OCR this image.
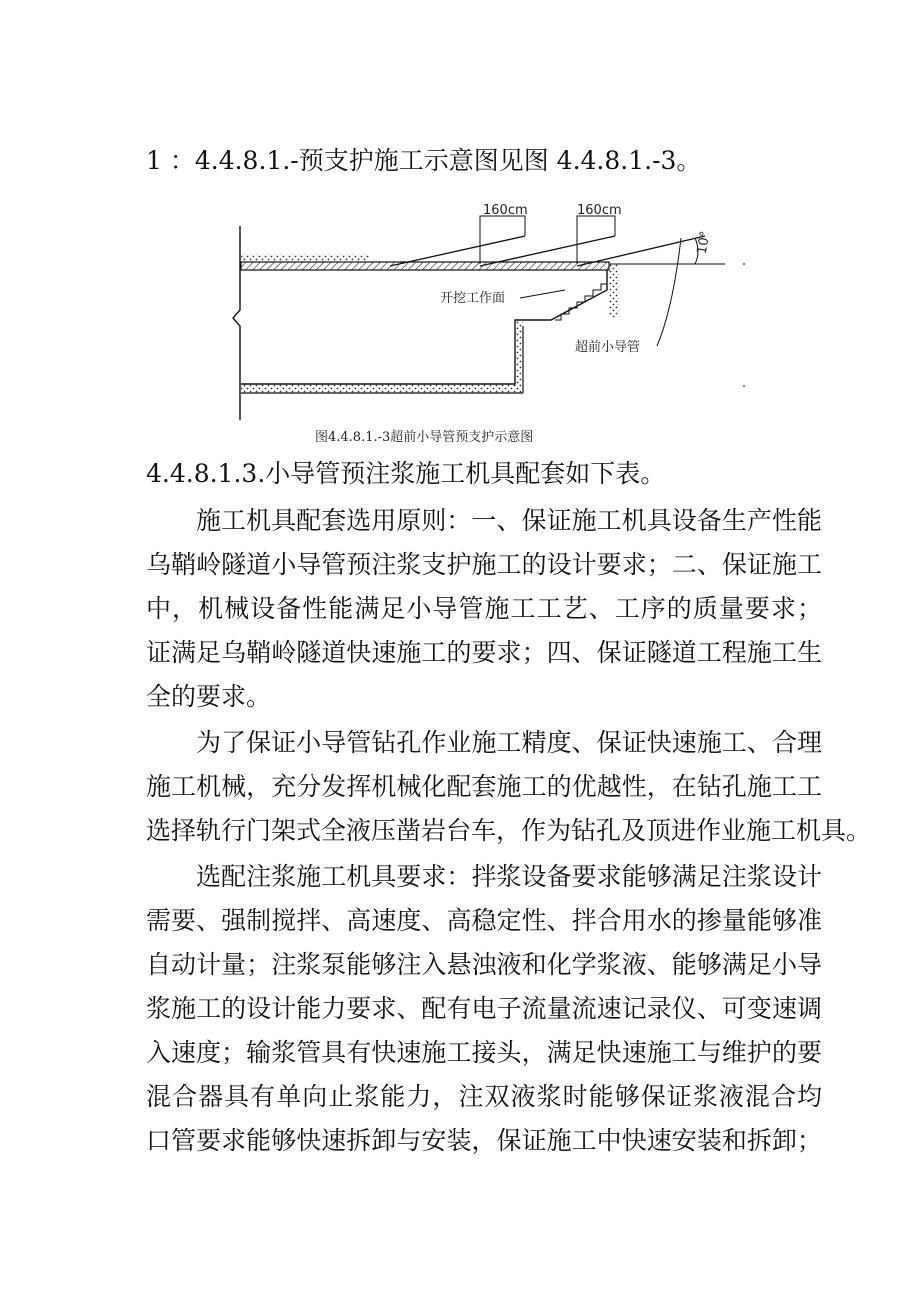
1 ：4.4.8.1.-预支护施工示意图见图 4.4.8.1.-3。
160cm	160cm
10°
开挖工作面
超前小导管
图4.4.8.1.-3超前小导管预支护示意图
4.4.8.1.3.小导管预注浆施工机具配套如下表。
施工机具配套选用原则：一、保证施工机具设备生产性能
乌鞘岭隧道小导管预注浆支护施工的设计要求；二、保证施工
中，机械设备性能满足小导管施工工艺、工序的质量要求；
证满足乌鞘岭隧道快速施工的要求；四、保证隧道工程施工生
全的要求。
为了保证小导管钻孔作业施工精度、保证快速施工、合理
施工机械，充分发挥机械化配套施工的优越性，在钻孔施工工
选择轨行门架式全液压凿岩台车，作为钻孔及顶进作业施工机具。
选配注浆施工机具要求：拌浆设备要求能够满足注浆设计
需要、强制搅拌、高速度、高稳定性、拌合用水的掺量能够准
自动计量；注浆泵能够注入悬浊液和化学浆液、能够满足小导
浆施工的设计能力要求、配有电子流量流速记录仪、可变速调
入速度；输浆管具有快速施工接头，满足快速施工与维护的要
混合器具有单向止浆能力，注双液浆时能够保证浆液混合均
口管要求能够快速拆卸与安装，保证施工中快速安装和拆卸；
